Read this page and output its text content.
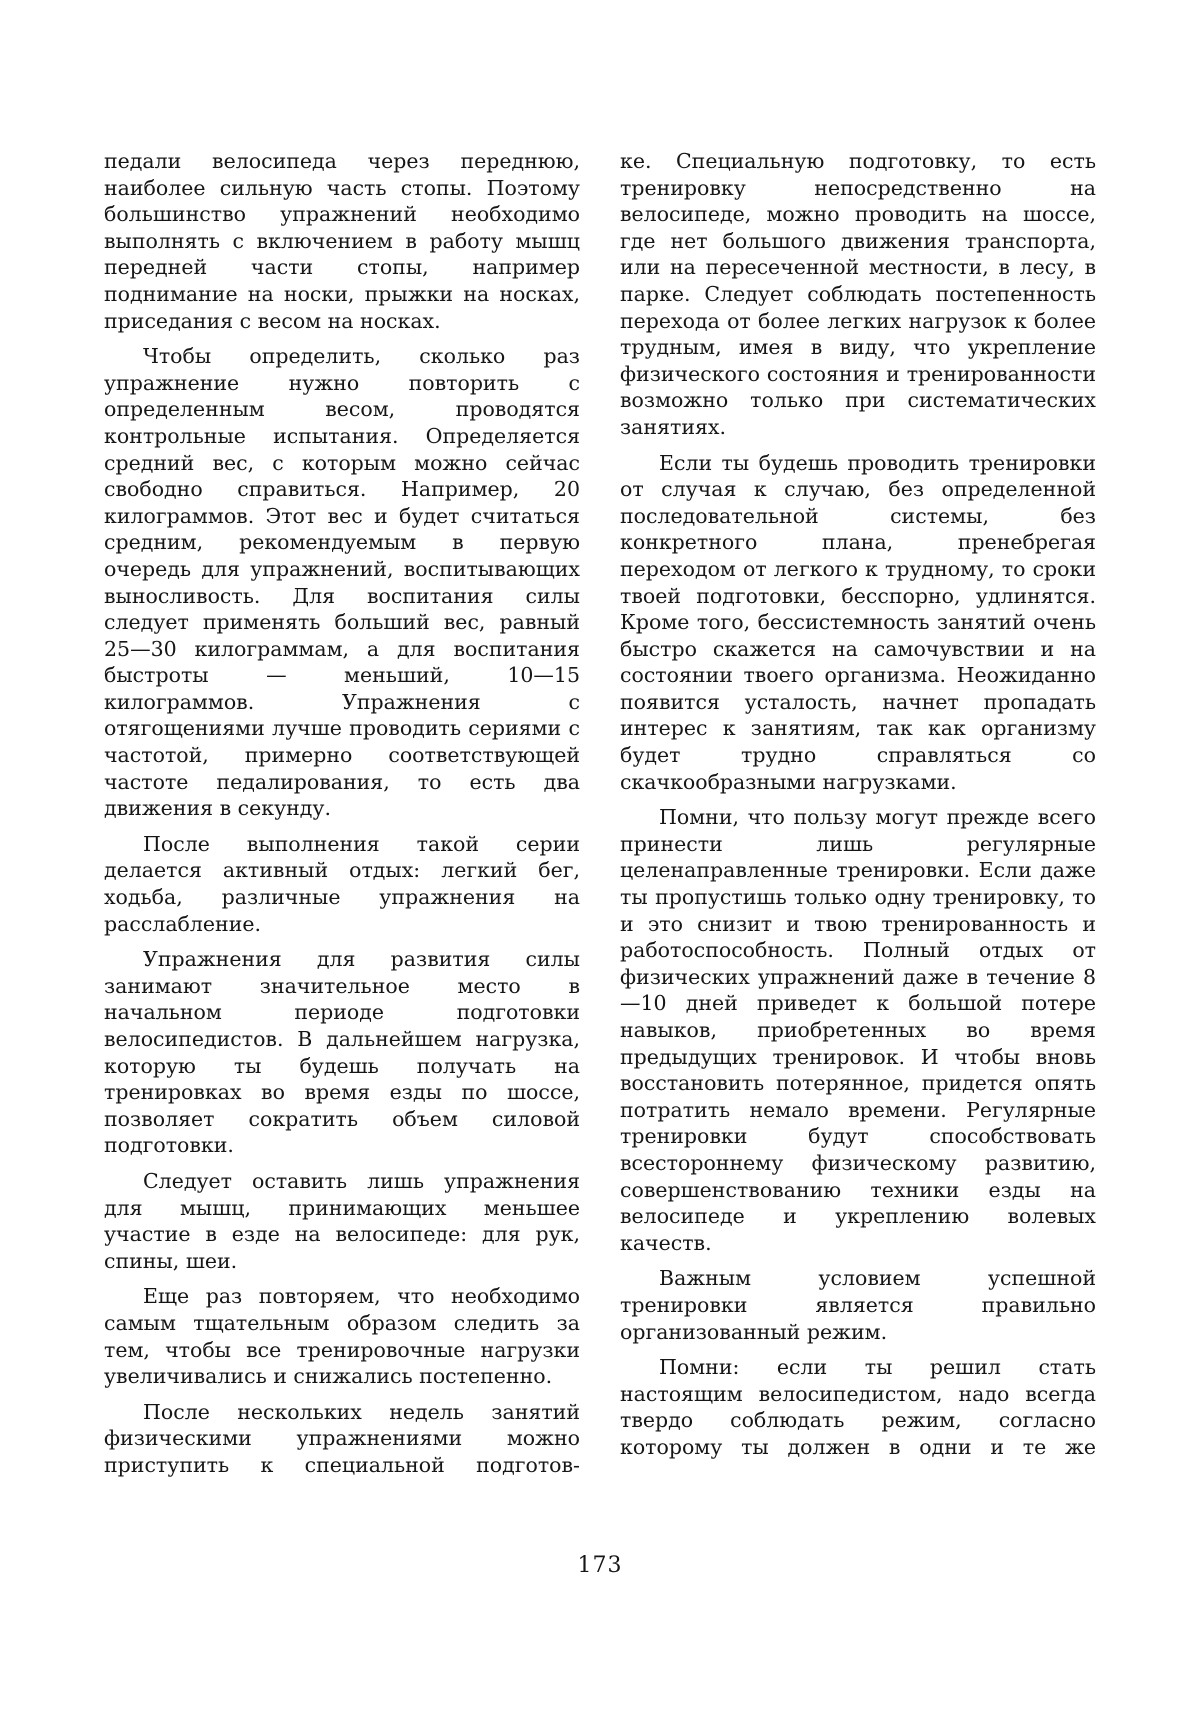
педали велосипеда через переднюю, наиболее сильную часть стопы. Поэтому большинство упражнений необходимо выполнять с включением в работу мышц передней части стопы, например поднимание на носки, прыжки на носках, приседания с весом на носках.

Чтобы определить, сколько раз упражнение нужно повторить с определенным весом, проводятся контрольные испытания. Определяется средний вес, с которым можно сейчас свободно справиться. Например, 20 килограммов. Этот вес и будет считаться средним, рекомендуемым в первую очередь для упражнений, воспитывающих выносливость. Для воспитания силы следует применять больший вес, равный 25—30 килограммам, а для воспитания быстроты — меньший, 10—15 килограммов. Упражнения с отягощениями лучше проводить сериями с частотой, примерно соответствующей частоте педалирования, то есть два движения в секунду.

После выполнения такой серии делается активный отдых: легкий бег, ходьба, различные упражнения на расслабление.

Упражнения для развития силы занимают значительное место в начальном периоде подготовки велосипедистов. В дальнейшем нагрузка, которую ты будешь получать на тренировках во время езды по шоссе, позволяет сократить объем силовой подготовки.

Следует оставить лишь упражнения для мышц, принимающих меньшее участие в езде на велосипеде: для рук, спины, шеи.

Еще раз повторяем, что необходимо самым тщательным образом следить за тем, чтобы все тренировочные нагрузки увеличивались и снижались постепенно.

После нескольких недель занятий физическими упражнениями можно приступить к специальной подготов-

ке. Специальную подготовку, то есть тренировку непосредственно на велосипеде, можно проводить на шоссе, где нет большого движения транспорта, или на пересеченной местности, в лесу, в парке. Следует соблюдать постепенность перехода от более легких нагрузок к более трудным, имея в виду, что укрепление физического состояния и тренированности возможно только при систематических занятиях.

Если ты будешь проводить тренировки от случая к случаю, без определенной последовательной системы, без конкретного плана, пренебрегая переходом от легкого к трудному, то сроки твоей подготовки, бесспорно, удлинятся. Кроме того, бессистемность занятий очень быстро скажется на самочувствии и на состоянии твоего организма. Неожиданно появится усталость, начнет пропадать интерес к занятиям, так как организму будет трудно справляться со скачкообразными нагрузками.

Помни, что пользу могут прежде всего принести лишь регулярные целенаправленные тренировки. Если даже ты пропустишь только одну тренировку, то и это снизит и твою тренированность и работоспособность. Полный отдых от физических упражнений даже в течение 8—10 дней приведет к большой потере навыков, приобретенных во время предыдущих тренировок. И чтобы вновь восстановить потерянное, придется опять потратить немало времени. Регулярные тренировки будут способствовать всестороннему физическому развитию, совершенствованию техники езды на велосипеде и укреплению волевых качеств.

Важным условием успешной тренировки является правильно организованный режим.

Помни: если ты решил стать настоящим велосипедистом, надо всегда твердо соблюдать режим, согласно которому ты должен в одни и те же

173
